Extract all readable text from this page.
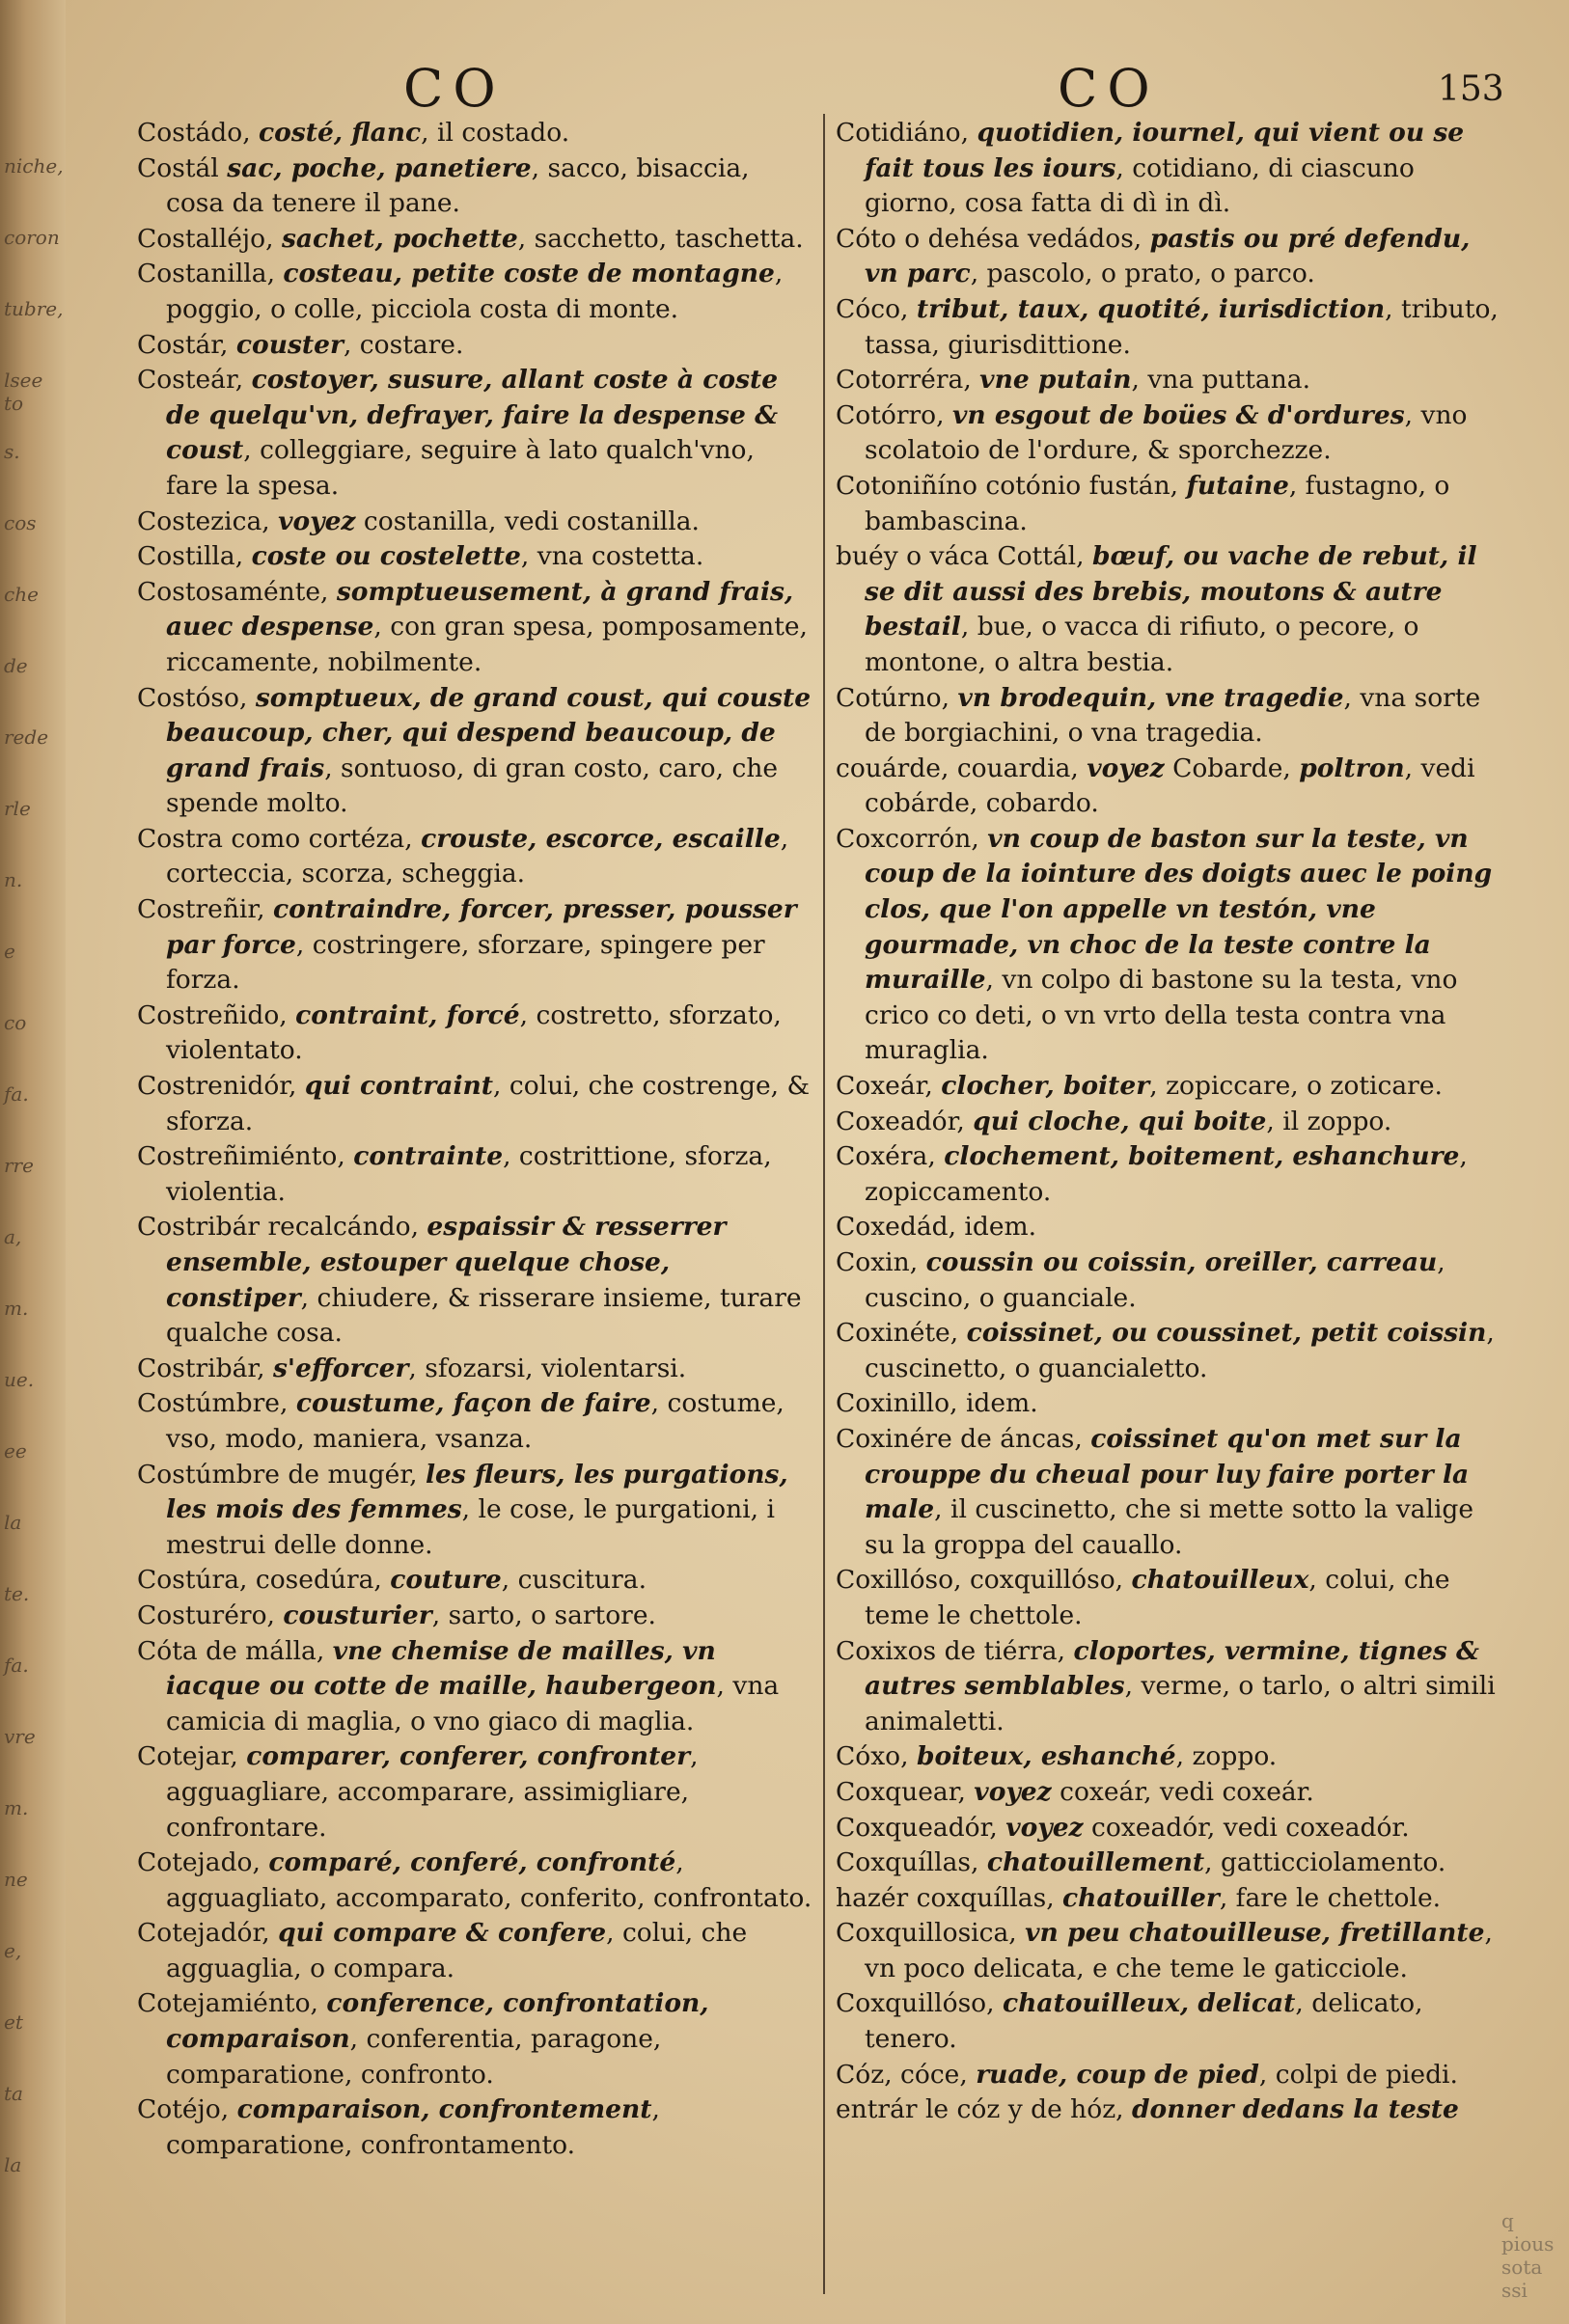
niche,
coron
tubre,
lsee to
s.
cos
che
de
rede
rle
n.
e
co
fa.
rre
a,
m.
ue.
ee
la
te.
fa.
vre
m.
ne
e,
et
ta
la
q pious sota ssi
CO	CO	153

Costádo, costé, flanc, il costado.

Costál sac, poche, panetiere, sacco, bisaccia, cosa da tenere il pane.

Costalléjo, sachet, pochette, sacchetto, taschetta.

Costanilla, costeau, petite coste de montagne, poggio, o colle, picciola costa di monte.

Costár, couster, costare.

Costeár, costoyer, susure, allant coste à coste de quelqu'vn, defrayer, faire la despense & coust, colleggiare, seguire à lato qualch'vno, fare la spesa.

Costezica, voyez costanilla, vedi costanilla.

Costilla, coste ou costelette, vna costetta.

Costosaménte, somptueusement, à grand frais, auec despense, con gran spesa, pomposamente, riccamente, nobilmente.

Costóso, somptueux, de grand coust, qui couste beaucoup, cher, qui despend beaucoup, de grand frais, sontuoso, di gran costo, caro, che spende molto.

Costra como cortéza, crouste, escorce, escaille, corteccia, scorza, scheggia.

Costreñir, contraindre, forcer, presser, pousser par force, costringere, sforzare, spingere per forza.

Costreñido, contraint, forcé, costretto, sforzato, violentato.

Costrenidór, qui contraint, colui, che costrenge, & sforza.

Costreñimiénto, contrainte, costrittione, sforza, violentia.

Costribár recalcándo, espaissir & resserrer ensemble, estouper quelque chose, constiper, chiudere, & risserare insieme, turare qualche cosa.

Costribár, s'efforcer, sfozarsi, violentarsi.

Costúmbre, coustume, façon de faire, costume, vso, modo, maniera, vsanza.

Costúmbre de mugér, les fleurs, les purgations, les mois des femmes, le cose, le purgationi, i mestrui delle donne.

Costúra, cosedúra, couture, cuscitura.

Costuréro, cousturier, sarto, o sartore.

Cóta de málla, vne chemise de mailles, vn iacque ou cotte de maille, haubergeon, vna camicia di maglia, o vno giaco di maglia.

Cotejar, comparer, conferer, confronter, agguagliare, accomparare, assimigliare, confrontare.

Cotejado, comparé, conferé, confronté, agguagliato, accomparato, conferito, confrontato.

Cotejadór, qui compare & confere, colui, che agguaglia, o compara.

Cotejamiénto, conference, confrontation, comparaison, conferentia, paragone, comparatione, confronto.

Cotéjo, comparaison, confrontement, comparatione, confrontamento.

Cotidiáno, quotidien, iournel, qui vient ou se fait tous les iours, cotidiano, di ciascuno giorno, cosa fatta di dì in dì.

Cóto o dehésa vedádos, pastis ou pré defendu, vn parc, pascolo, o prato, o parco.

Cóco, tribut, taux, quotité, iurisdiction, tributo, tassa, giurisdittione.

Cotorréra, vne putain, vna puttana.

Cotórro, vn esgout de boües & d'ordures, vno scolatoio de l'ordure, & sporchezze.

Cotoniñíno cotónio fustán, futaine, fustagno, o bambascina.

buéy o váca Cottál, bœuf, ou vache de rebut, il se dit aussi des brebis, moutons & autre bestail, bue, o vacca di rifiuto, o pecore, o montone, o altra bestia.

Cotúrno, vn brodequin, vne tragedie, vna sorte de borgiachini, o vna tragedia.

couárde, couardia, voyez Cobarde, poltron, vedi cobárde, cobardo.

Coxcorrón, vn coup de baston sur la teste, vn coup de la iointure des doigts auec le poing clos, que l'on appelle vn testón, vne gourmade, vn choc de la teste contre la muraille, vn colpo di bastone su la testa, vno crico co deti, o vn vrto della testa contra vna muraglia.

Coxeár, clocher, boiter, zopiccare, o zoticare.

Coxeadór, qui cloche, qui boite, il zoppo.

Coxéra, clochement, boitement, eshanchure, zopiccamento.

Coxedád, idem.

Coxin, coussin ou coissin, oreiller, carreau, cuscino, o guanciale.

Coxinéte, coissinet, ou coussinet, petit coissin, cuscinetto, o guancialetto.

Coxinillo, idem.

Coxinére de áncas, coissinet qu'on met sur la crouppe du cheual pour luy faire porter la male, il cuscinetto, che si mette sotto la valige su la groppa del cauallo.

Coxillóso, coxquillóso, chatouilleux, colui, che teme le chettole.

Coxixos de tiérra, cloportes, vermine, tignes & autres semblables, verme, o tarlo, o altri simili animaletti.

Cóxo, boiteux, eshanché, zoppo.

Coxquear, voyez coxeár, vedi coxeár.

Coxqueadór, voyez coxeadór, vedi coxeadór.

Coxquíllas, chatouillement, gatticciolamento.

hazér coxquíllas, chatouiller, fare le chettole.

Coxquillosica, vn peu chatouilleuse, fretillante, vn poco delicata, e che teme le gaticciole.

Coxquillóso, chatouilleux, delicat, delicato, tenero.

Cóz, cóce, ruade, coup de pied, colpi de piedi.

entrár le cóz y de hóz, donner dedans la teste
